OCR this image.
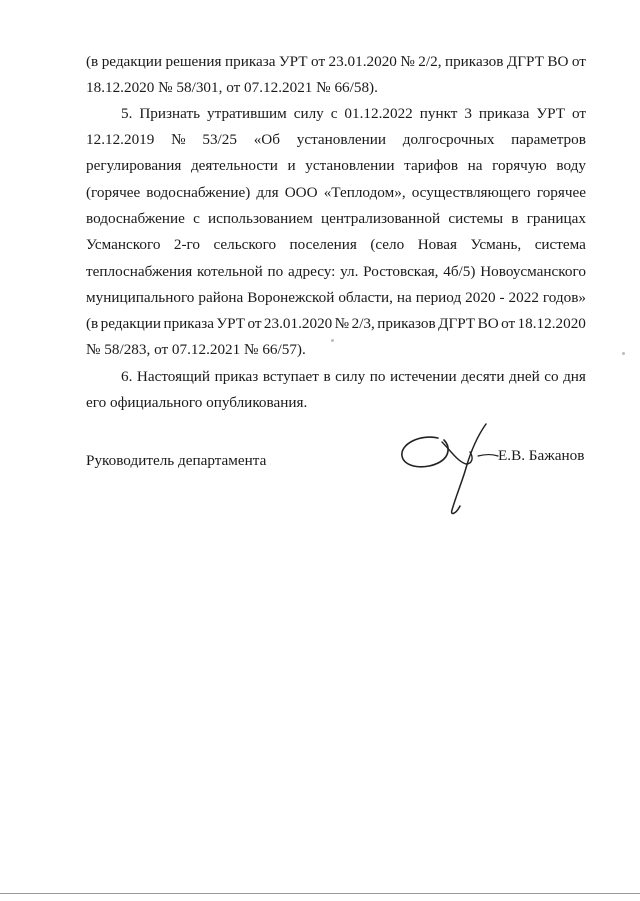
(в редакции решения приказа УРТ от 23.01.2020 № 2/2, приказов ДГРТ ВО от
18.12.2020 № 58/301, от 07.12.2021 № 66/58).
5. Признать утратившим силу с 01.12.2022 пункт 3 приказа УРТ от
12.12.2019 № 53/25 «Об установлении долгосрочных параметров
регулирования деятельности и установлении тарифов на горячую воду
(горячее водоснабжение) для ООО «Теплодом», осуществляющего горячее
водоснабжение с использованием централизованной системы в границах
Усманского 2-го сельского поселения (село Новая Усмань, система
теплоснабжения котельной по адресу: ул. Ростовская, 4б/5) Новоусманского
муниципального района Воронежской области, на период 2020 - 2022 годов»
(в редакции приказа УРТ от 23.01.2020 № 2/3, приказов ДГРТ ВО от 18.12.2020
№ 58/283, от 07.12.2021 № 66/57).
6. Настоящий приказ вступает в силу по истечении десяти дней со дня
его официального опубликования.
Руководитель департамента	Е.В. Бажанов
